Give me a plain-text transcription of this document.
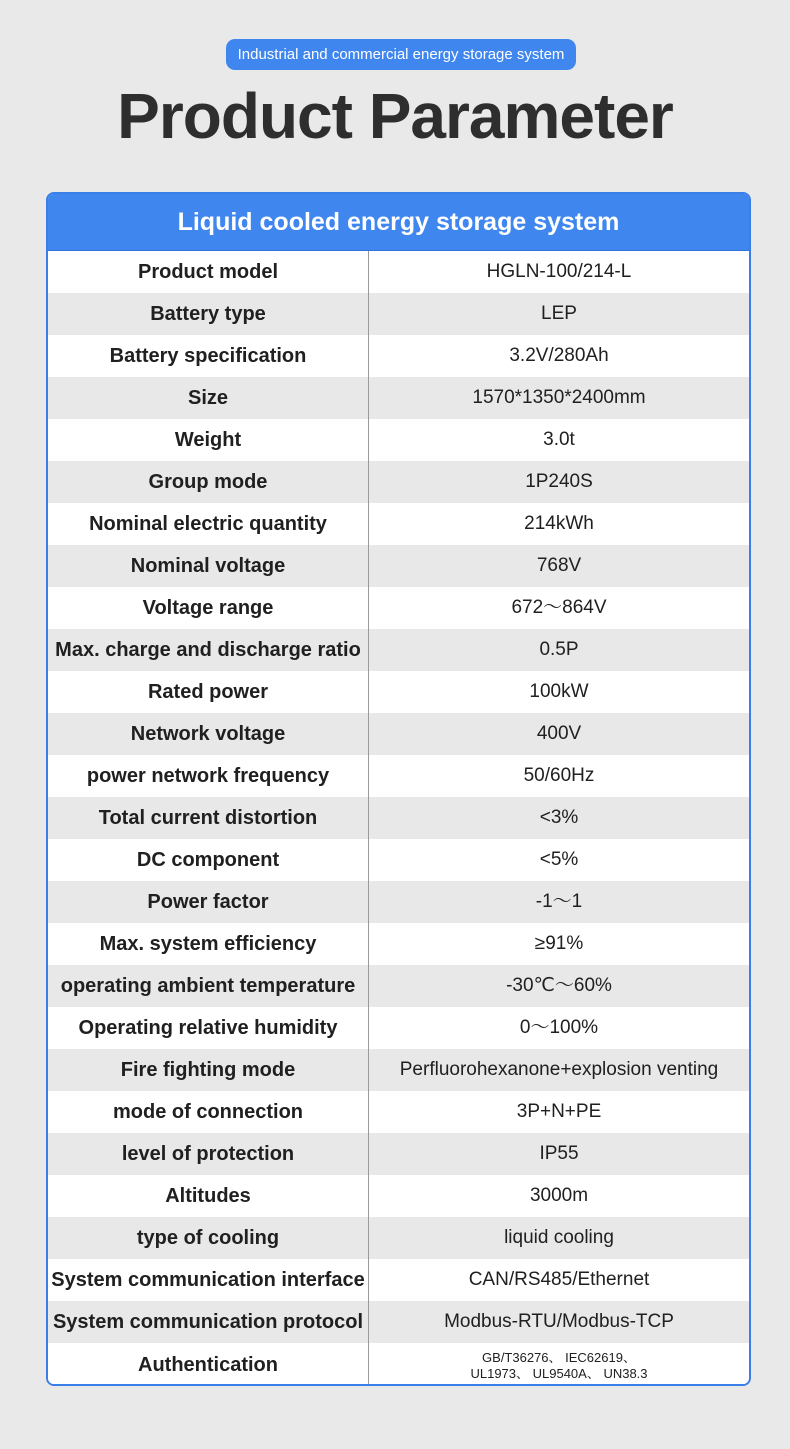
Industrial and commercial energy storage system
Product Parameter
Liquid cooled energy storage system
Product model	HGLN-100/214-L
Battery type	LEP
Battery specification	3.2V/280Ah
Size	1570*1350*2400mm
Weight	3.0t
Group mode	1P240S
Nominal electric quantity	214kWh
Nominal voltage	768V
Voltage range	672～864V
Max. charge and discharge ratio	0.5P
Rated power	100kW
Network voltage	400V
power network frequency	50/60Hz
Total current distortion	<3%
DC component	<5%
Power factor	-1～1
Max. system efficiency	≥91%
operating ambient temperature	-30℃～60%
Operating relative humidity	0～100%
Fire fighting mode	Perfluorohexanone+explosion venting
mode of connection	3P+N+PE
level of protection	IP55
Altitudes	3000m
type of cooling	liquid cooling
System communication interface	CAN/RS485/Ethernet
System communication protocol	Modbus-RTU/Modbus-TCP
Authentication	GB/T36276、 IEC62619、
UL1973、 UL9540A、 UN38.3
